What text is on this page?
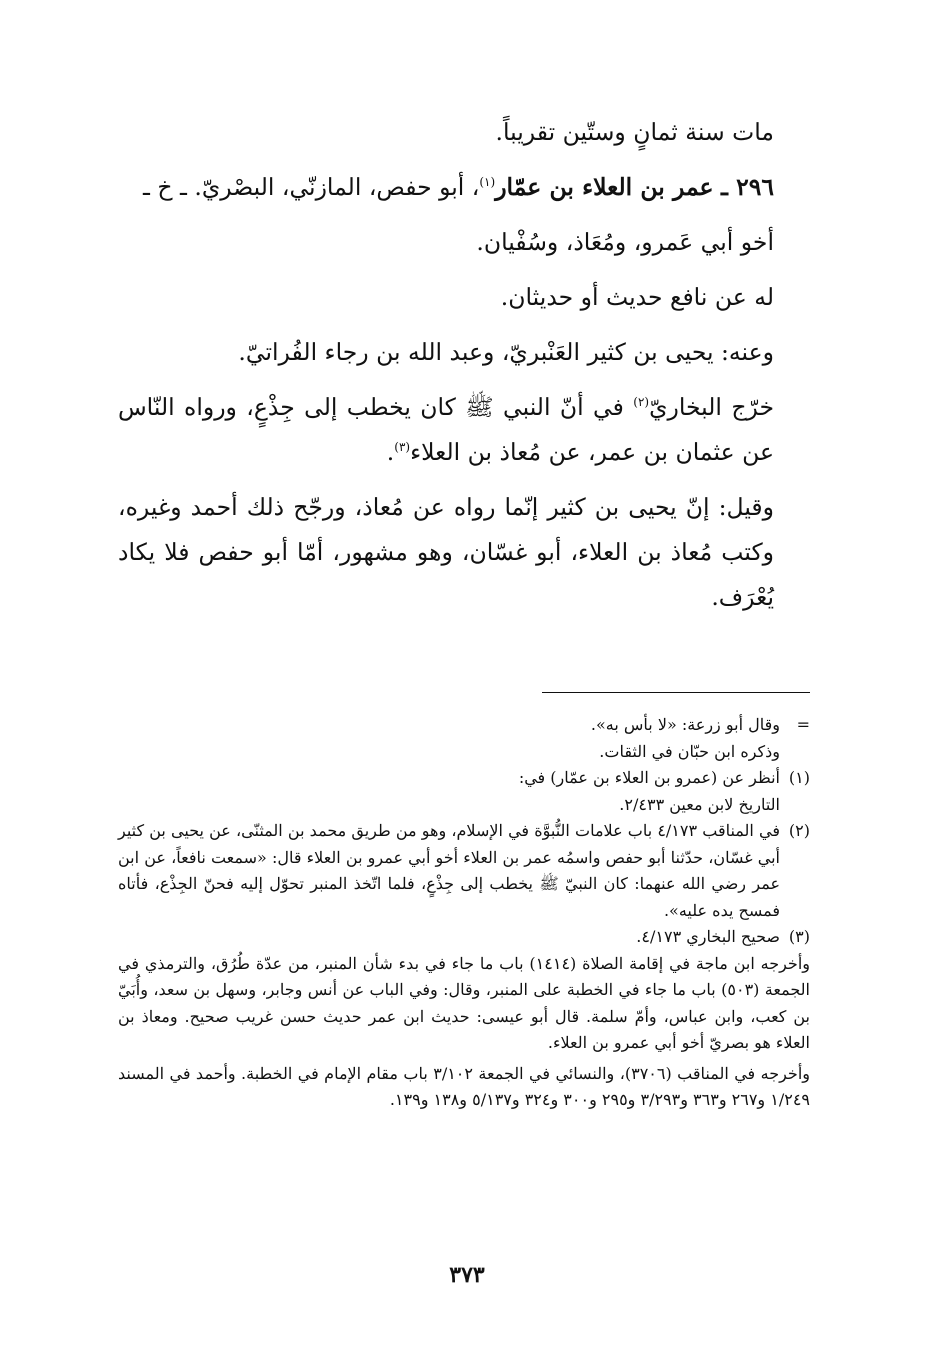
مات سنة ثمانٍ وستّين تقريباً.

٢٩٦ ـ عمر بن العلاء بن عمّار$^{(١)}$، أبو حفص، المازنّي، البصْريّ. ـ خ ـ

أخو أبي عَمرو، ومُعَاذ، وسُفْيان.

له عن نافع حديث أو حديثان.

وعنه: يحيى بن كثير العَنْبريّ، وعبد الله بن رجاء الفُراتيّ.

خرّج البخاريّ$^{(٢)}$ في أنّ النبي ﷺ كان يخطب إلى جِذْعٍ، ورواه النّاس عن عثمان بن عمر، عن مُعاذ بن العلاء$^{(٣)}$.

وقيل: إنّ يحيى بن كثير إنّما رواه عن مُعاذ، ورجّح ذلك أحمد وغيره، وكتب مُعاذ بن العلاء، أبو غسّان، وهو مشهور، أمّا أبو حفص فلا يكاد يُعْرَف.

=
وقال أبو زرعة: «لا بأس به».
وذكره ابن حبّان في الثقات.
(١)
أنظر عن (عمرو بن العلاء بن عمّار) في:
التاريخ لابن معين ٢/٤٣٣.
(٢)
في المناقب ٤/١٧٣ باب علامات النُّبوَّة في الإسلام، وهو من طريق محمد بن المثنّى، عن يحيى بن كثير أبي غسّان، حدّثنا أبو حفص واسمُه عمر بن العلاء أخو أبي عمرو بن العلاء قال: «سمعت نافعاً، عن ابن عمر رضي الله عنهما: كان النبيّ ﷺ يخطب إلى جِذْعٍ، فلما اتّخذ المنبر تحوّل إليه فحنّ الجِذْع، فأتاه فمسح يده عليه».
(٣)
صحيح البخاري ٤/١٧٣.
وأخرجه ابن ماجة في إقامة الصلاة (١٤١٤) باب ما جاء في بدء شأن المنبر، من عدّة طُرُق، والترمذي في الجمعة (٥٠٣) باب ما جاء في الخطبة على المنبر، وقال: وفي الباب عن أنس وجابر، وسهل بن سعد، وأُبَيّ بن كعب، وابن عباس، وأمّ سلمة. قال أبو عيسى: حديث ابن عمر حديث حسن غريب صحيح. ومعاذ بن العلاء هو بصريّ أخو أبي عمرو بن العلاء.
وأخرجه في المناقب (٣٧٠٦)، والنسائي في الجمعة ٣/١٠٢ باب مقام الإمام في الخطبة. وأحمد في المسند ١/٢٤٩ و٢٦٧ و٣٦٣ و٣/٢٩٣ و٢٩٥ و٣٠٠ و٣٢٤ و٥/١٣٧ و١٣٨ و١٣٩.
٣٧٣
